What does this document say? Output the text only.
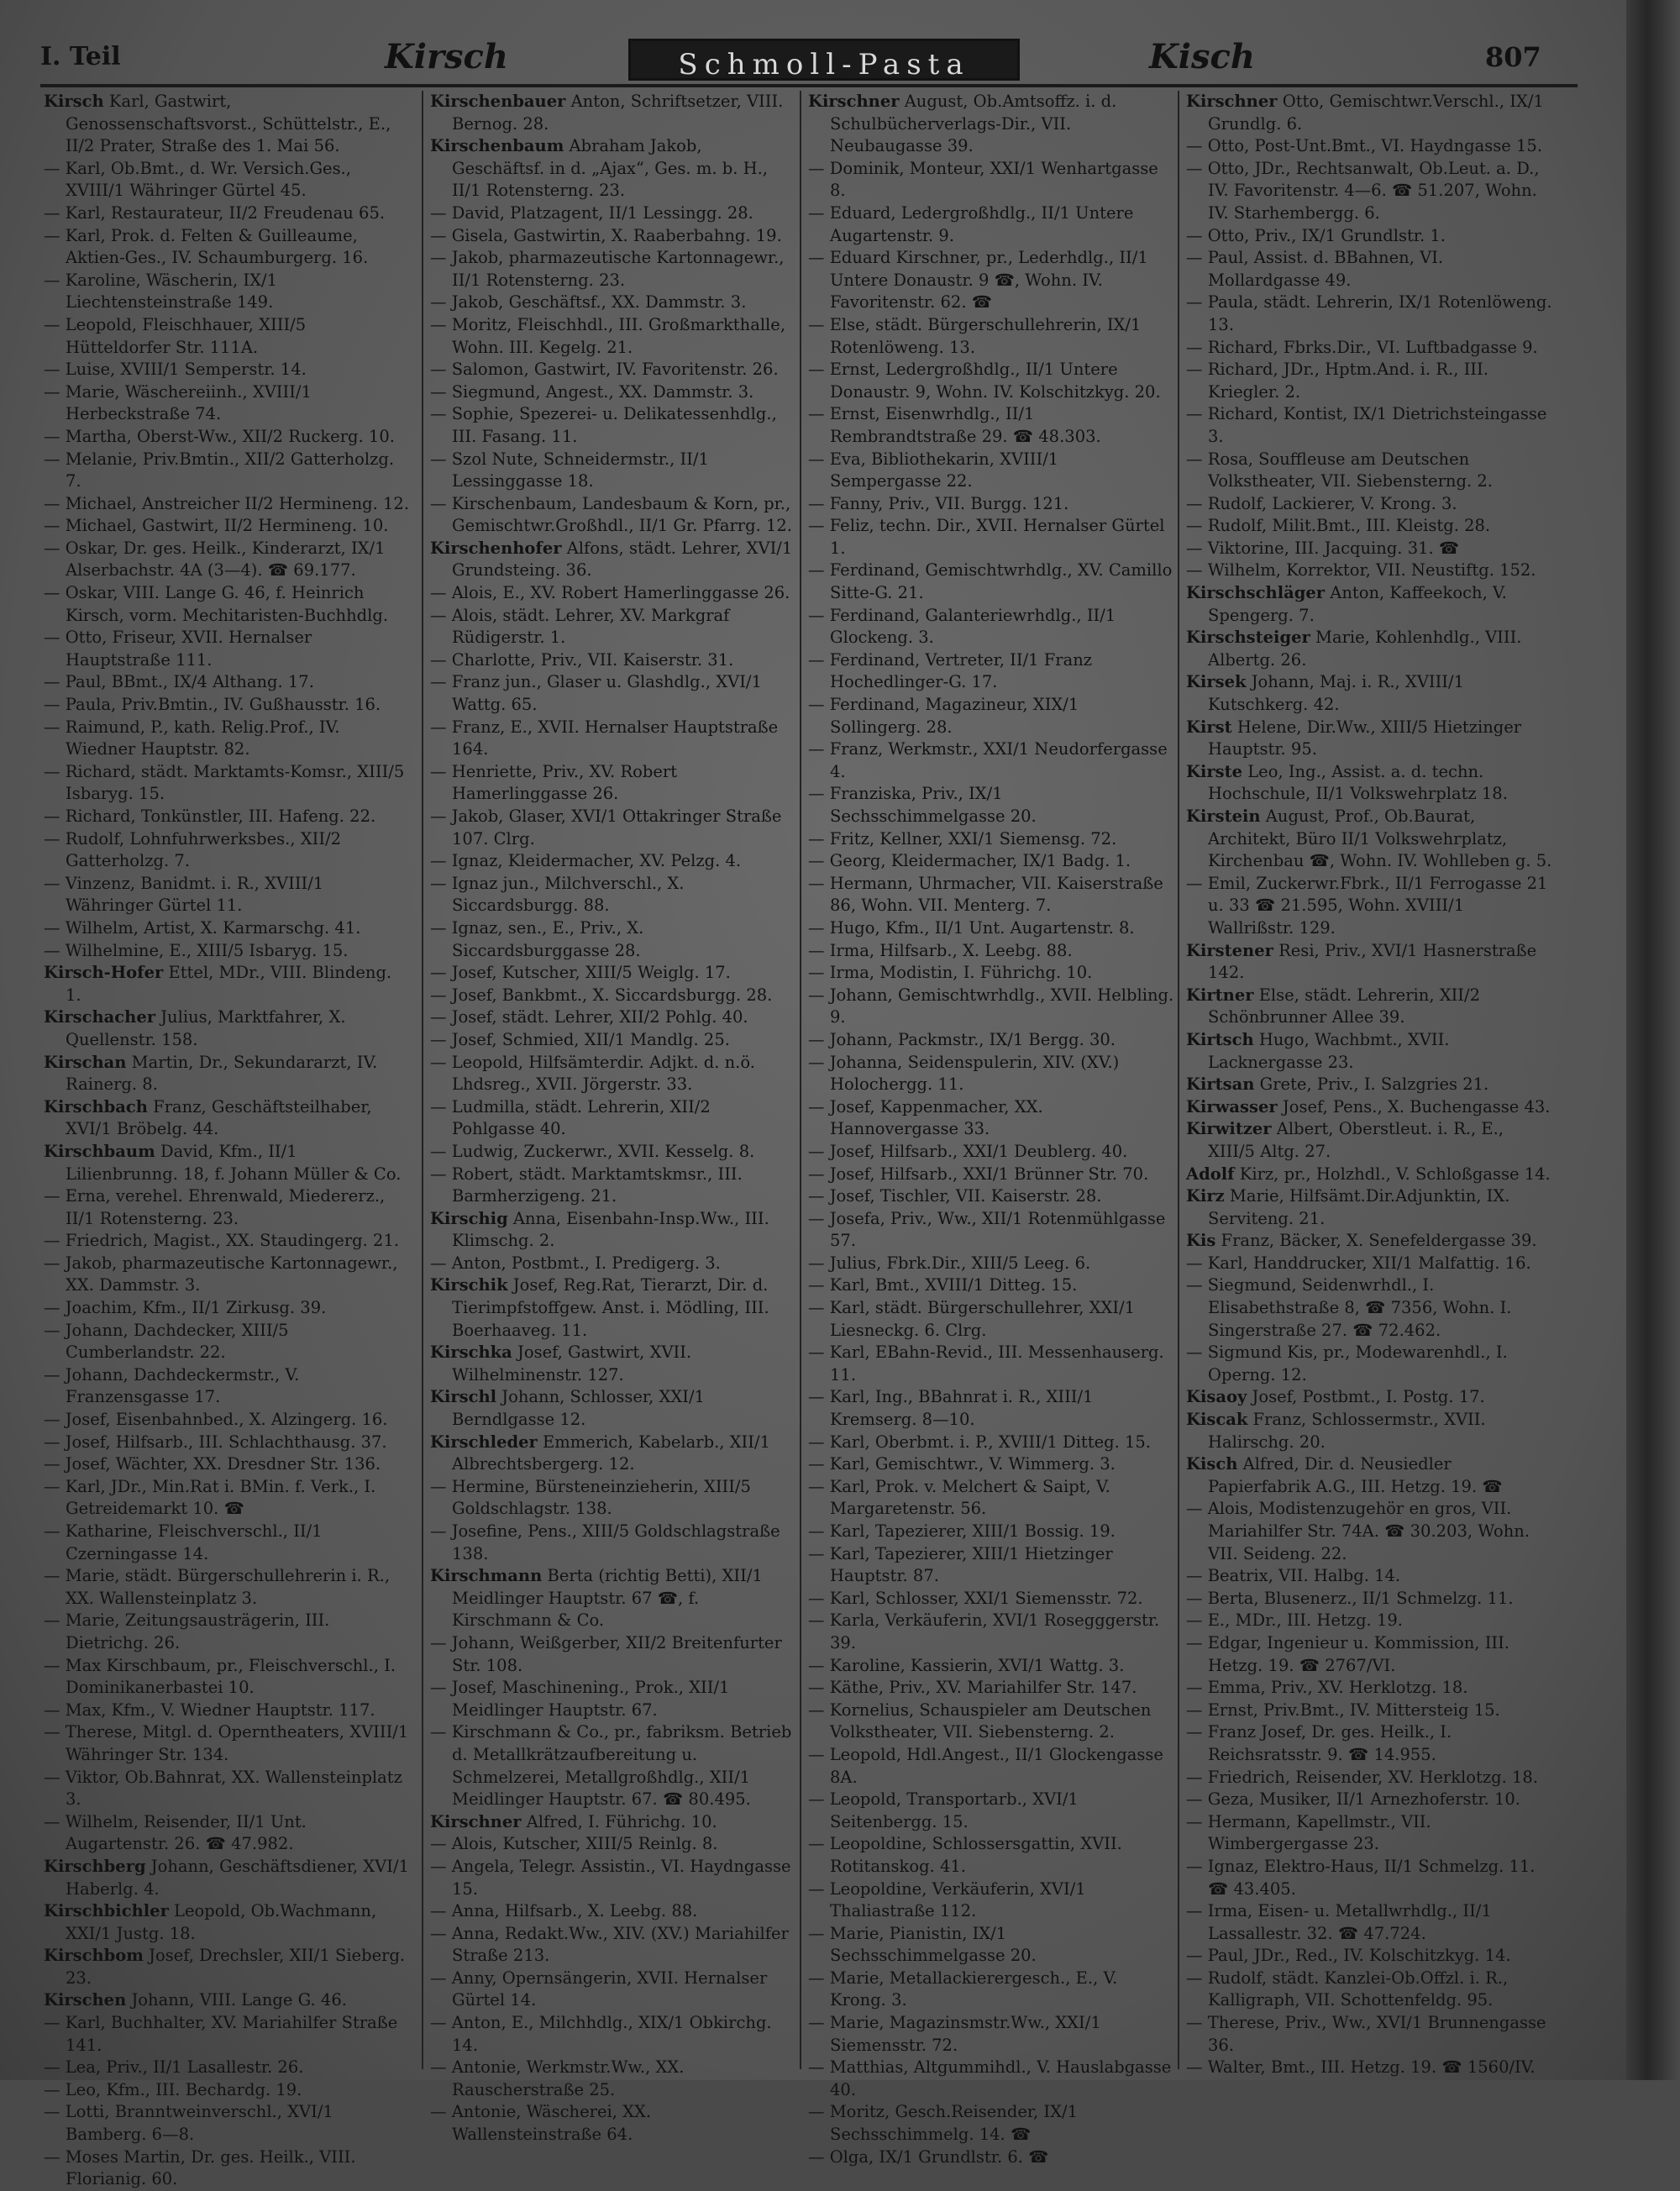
I. Teil	Kirsch	Schmoll-Pasta	Kisch	807

Kirsch Karl, Gastwirt, Genossenschaftsvorst., Schüttelstr., E., II/2 Prater, Straße des 1. Mai 56.

— Karl, Ob.Bmt., d. Wr. Versich.Ges., XVIII/1 Währinger Gürtel 45.

— Karl, Restaurateur, II/2 Freudenau 65.

— Karl, Prok. d. Felten & Guilleaume, Aktien-Ges., IV. Schaumburgerg. 16.

— Karoline, Wäscherin, IX/1 Liechtensteinstraße 149.

— Leopold, Fleischhauer, XIII/5 Hütteldorfer Str. 111A.

— Luise, XVIII/1 Semperstr. 14.

— Marie, Wäschereiinh., XVIII/1 Herbeckstraße 74.

— Martha, Oberst-Ww., XII/2 Ruckerg. 10.

— Melanie, Priv.Bmtin., XII/2 Gatterholzg. 7.

— Michael, Anstreicher II/2 Hermineng. 12.

— Michael, Gastwirt, II/2 Hermineng. 10.

— Oskar, Dr. ges. Heilk., Kinderarzt, IX/1 Alserbachstr. 4A (3—4). ☎ 69.177.

— Oskar, VIII. Lange G. 46, f. Heinrich Kirsch, vorm. Mechitaristen-Buchhdlg.

— Otto, Friseur, XVII. Hernalser Hauptstraße 111.

— Paul, BBmt., IX/4 Althang. 17.

— Paula, Priv.Bmtin., IV. Gußhausstr. 16.

— Raimund, P., kath. Relig.Prof., IV. Wiedner Hauptstr. 82.

— Richard, städt. Marktamts-Komsr., XIII/5 Isbaryg. 15.

— Richard, Tonkünstler, III. Hafeng. 22.

— Rudolf, Lohnfuhrwerksbes., XII/2 Gatterholzg. 7.

— Vinzenz, Banidmt. i. R., XVIII/1 Währinger Gürtel 11.

— Wilhelm, Artist, X. Karmarschg. 41.

— Wilhelmine, E., XIII/5 Isbaryg. 15.

Kirsch-Hofer Ettel, MDr., VIII. Blindeng. 1.

Kirschacher Julius, Marktfahrer, X. Quellenstr. 158.

Kirschan Martin, Dr., Sekundararzt, IV. Rainerg. 8.

Kirschbach Franz, Geschäftsteilhaber, XVI/1 Bröbelg. 44.

Kirschbaum David, Kfm., II/1 Lilienbrunng. 18, f. Johann Müller & Co.

— Erna, verehel. Ehrenwald, Miedererz., II/1 Rotensterng. 23.

— Friedrich, Magist., XX. Staudingerg. 21.

— Jakob, pharmazeutische Kartonnagewr., XX. Dammstr. 3.

— Joachim, Kfm., II/1 Zirkusg. 39.

— Johann, Dachdecker, XIII/5 Cumberlandstr. 22.

— Johann, Dachdeckermstr., V. Franzensgasse 17.

— Josef, Eisenbahnbed., X. Alzingerg. 16.

— Josef, Hilfsarb., III. Schlachthausg. 37.

— Josef, Wächter, XX. Dresdner Str. 136.

— Karl, JDr., Min.Rat i. BMin. f. Verk., I. Getreidemarkt 10. ☎

— Katharine, Fleischverschl., II/1 Czerningasse 14.

— Marie, städt. Bürgerschullehrerin i. R., XX. Wallensteinplatz 3.

— Marie, Zeitungsausträgerin, III. Dietrichg. 26.

— Max Kirschbaum, pr., Fleischverschl., I. Dominikanerbastei 10.

— Max, Kfm., V. Wiedner Hauptstr. 117.

— Therese, Mitgl. d. Operntheaters, XVIII/1 Währinger Str. 134.

— Viktor, Ob.Bahnrat, XX. Wallensteinplatz 3.

— Wilhelm, Reisender, II/1 Unt. Augartenstr. 26. ☎ 47.982.

Kirschberg Johann, Geschäftsdiener, XVI/1 Haberlg. 4.

Kirschbichler Leopold, Ob.Wachmann, XXI/1 Justg. 18.

Kirschbom Josef, Drechsler, XII/1 Sieberg. 23.

Kirschen Johann, VIII. Lange G. 46.

— Karl, Buchhalter, XV. Mariahilfer Straße 141.

— Lea, Priv., II/1 Lasallestr. 26.

— Leo, Kfm., III. Bechardg. 19.

— Lotti, Branntweinverschl., XVI/1 Bamberg. 6—8.

— Moses Martin, Dr. ges. Heilk., VIII. Florianig. 60.

Kirschenbauer Anton, Schriftsetzer, VIII. Bernog. 28.

Kirschenbaum Abraham Jakob, Geschäftsf. in d. „Ajax“, Ges. m. b. H., II/1 Rotensterng. 23.

— David, Platzagent, II/1 Lessingg. 28.

— Gisela, Gastwirtin, X. Raaberbahng. 19.

— Jakob, pharmazeutische Kartonnagewr., II/1 Rotensterng. 23.

— Jakob, Geschäftsf., XX. Dammstr. 3.

— Moritz, Fleischhdl., III. Großmarkthalle, Wohn. III. Kegelg. 21.

— Salomon, Gastwirt, IV. Favoritenstr. 26.

— Siegmund, Angest., XX. Dammstr. 3.

— Sophie, Spezerei- u. Delikatessenhdlg., III. Fasang. 11.

— Szol Nute, Schneidermstr., II/1 Lessinggasse 18.

— Kirschenbaum, Landesbaum & Korn, pr., Gemischtwr.Großhdl., II/1 Gr. Pfarrg. 12.

Kirschenhofer Alfons, städt. Lehrer, XVI/1 Grundsteing. 36.

— Alois, E., XV. Robert Hamerlinggasse 26.

— Alois, städt. Lehrer, XV. Markgraf Rüdigerstr. 1.

— Charlotte, Priv., VII. Kaiserstr. 31.

— Franz jun., Glaser u. Glashdlg., XVI/1 Wattg. 65.

— Franz, E., XVII. Hernalser Hauptstraße 164.

— Henriette, Priv., XV. Robert Hamerlinggasse 26.

— Jakob, Glaser, XVI/1 Ottakringer Straße 107. Clrg.

— Ignaz, Kleidermacher, XV. Pelzg. 4.

— Ignaz jun., Milchverschl., X. Siccardsburgg. 88.

— Ignaz, sen., E., Priv., X. Siccardsburggasse 28.

— Josef, Kutscher, XIII/5 Weiglg. 17.

— Josef, Bankbmt., X. Siccardsburgg. 28.

— Josef, städt. Lehrer, XII/2 Pohlg. 40.

— Josef, Schmied, XII/1 Mandlg. 25.

— Leopold, Hilfsämterdir. Adjkt. d. n.ö. Lhdsreg., XVII. Jörgerstr. 33.

— Ludmilla, städt. Lehrerin, XII/2 Pohlgasse 40.

— Ludwig, Zuckerwr., XVII. Kesselg. 8.

— Robert, städt. Marktamtskmsr., III. Barmherzigeng. 21.

Kirschig Anna, Eisenbahn-Insp.Ww., III. Klimschg. 2.

— Anton, Postbmt., I. Predigerg. 3.

Kirschik Josef, Reg.Rat, Tierarzt, Dir. d. Tierimpfstoffgew. Anst. i. Mödling, III. Boerhaaveg. 11.

Kirschka Josef, Gastwirt, XVII. Wilhelminenstr. 127.

Kirschl Johann, Schlosser, XXI/1 Berndlgasse 12.

Kirschleder Emmerich, Kabelarb., XII/1 Albrechtsbergerg. 12.

— Hermine, Bürsteneinzieherin, XIII/5 Goldschlagstr. 138.

— Josefine, Pens., XIII/5 Goldschlagstraße 138.

Kirschmann Berta (richtig Betti), XII/1 Meidlinger Hauptstr. 67 ☎, f. Kirschmann & Co.

— Johann, Weißgerber, XII/2 Breitenfurter Str. 108.

— Josef, Maschinening., Prok., XII/1 Meidlinger Hauptstr. 67.

— Kirschmann & Co., pr., fabriksm. Betrieb d. Metallkrätzaufbereitung u. Schmelzerei, Metallgroßhdlg., XII/1 Meidlinger Hauptstr. 67. ☎ 80.495.

Kirschner Alfred, I. Führichg. 10.

— Alois, Kutscher, XIII/5 Reinlg. 8.

— Angela, Telegr. Assistin., VI. Haydngasse 15.

— Anna, Hilfsarb., X. Leebg. 88.

— Anna, Redakt.Ww., XIV. (XV.) Mariahilfer Straße 213.

— Anny, Opernsängerin, XVII. Hernalser Gürtel 14.

— Anton, E., Milchhdlg., XIX/1 Obkirchg. 14.

— Antonie, Werkmstr.Ww., XX. Rauscherstraße 25.

— Antonie, Wäscherei, XX. Wallensteinstraße 64.

Kirschner August, Ob.Amtsoffz. i. d. Schulbücherverlags-Dir., VII. Neubaugasse 39.

— Dominik, Monteur, XXI/1 Wenhartgasse 8.

— Eduard, Ledergroßhdlg., II/1 Untere Augartenstr. 9.

— Eduard Kirschner, pr., Lederhdlg., II/1 Untere Donaustr. 9 ☎, Wohn. IV. Favoritenstr. 62. ☎

— Else, städt. Bürgerschullehrerin, IX/1 Rotenlöweng. 13.

— Ernst, Ledergroßhdlg., II/1 Untere Donaustr. 9, Wohn. IV. Kolschitzkyg. 20.

— Ernst, Eisenwrhdlg., II/1 Rembrandtstraße 29. ☎ 48.303.

— Eva, Bibliothekarin, XVIII/1 Sempergasse 22.

— Fanny, Priv., VII. Burgg. 121.

— Feliz, techn. Dir., XVII. Hernalser Gürtel 1.

— Ferdinand, Gemischtwrhdlg., XV. Camillo Sitte-G. 21.

— Ferdinand, Galanteriewrhdlg., II/1 Glockeng. 3.

— Ferdinand, Vertreter, II/1 Franz Hochedlinger-G. 17.

— Ferdinand, Magazineur, XIX/1 Sollingerg. 28.

— Franz, Werkmstr., XXI/1 Neudorfergasse 4.

— Franziska, Priv., IX/1 Sechsschimmelgasse 20.

— Fritz, Kellner, XXI/1 Siemensg. 72.

— Georg, Kleidermacher, IX/1 Badg. 1.

— Hermann, Uhrmacher, VII. Kaiserstraße 86, Wohn. VII. Menterg. 7.

— Hugo, Kfm., II/1 Unt. Augartenstr. 8.

— Irma, Hilfsarb., X. Leebg. 88.

— Irma, Modistin, I. Führichg. 10.

— Johann, Gemischtwrhdlg., XVII. Helbling. 9.

— Johann, Packmstr., IX/1 Bergg. 30.

— Johanna, Seidenspulerin, XIV. (XV.) Holochergg. 11.

— Josef, Kappenmacher, XX. Hannovergasse 33.

— Josef, Hilfsarb., XXI/1 Deublerg. 40.

— Josef, Hilfsarb., XXI/1 Brünner Str. 70.

— Josef, Tischler, VII. Kaiserstr. 28.

— Josefa, Priv., Ww., XII/1 Rotenmühlgasse 57.

— Julius, Fbrk.Dir., XIII/5 Leeg. 6.

— Karl, Bmt., XVIII/1 Ditteg. 15.

— Karl, städt. Bürgerschullehrer, XXI/1 Liesneckg. 6. Clrg.

— Karl, EBahn-Revid., III. Messenhauserg. 11.

— Karl, Ing., BBahnrat i. R., XIII/1 Kremserg. 8—10.

— Karl, Oberbmt. i. P., XVIII/1 Ditteg. 15.

— Karl, Gemischtwr., V. Wimmerg. 3.

— Karl, Prok. v. Melchert & Saipt, V. Margaretenstr. 56.

— Karl, Tapezierer, XIII/1 Bossig. 19.

— Karl, Tapezierer, XIII/1 Hietzinger Hauptstr. 87.

— Karl, Schlosser, XXI/1 Siemensstr. 72.

— Karla, Verkäuferin, XVI/1 Rosegggerstr. 39.

— Karoline, Kassierin, XVI/1 Wattg. 3.

— Käthe, Priv., XV. Mariahilfer Str. 147.

— Kornelius, Schauspieler am Deutschen Volkstheater, VII. Siebensterng. 2.

— Leopold, Hdl.Angest., II/1 Glockengasse 8A.

— Leopold, Transportarb., XVI/1 Seitenbergg. 15.

— Leopoldine, Schlossersgattin, XVII. Rotitanskog. 41.

— Leopoldine, Verkäuferin, XVI/1 Thaliastraße 112.

— Marie, Pianistin, IX/1 Sechsschimmelgasse 20.

— Marie, Metallackierergesch., E., V. Krong. 3.

— Marie, Magazinsmstr.Ww., XXI/1 Siemensstr. 72.

— Matthias, Altgummihdl., V. Hauslabgasse 40.

— Moritz, Gesch.Reisender, IX/1 Sechsschimmelg. 14. ☎

— Olga, IX/1 Grundlstr. 6. ☎

Kirschner Otto, Gemischtwr.Verschl., IX/1 Grundlg. 6.

— Otto, Post-Unt.Bmt., VI. Haydngasse 15.

— Otto, JDr., Rechtsanwalt, Ob.Leut. a. D., IV. Favoritenstr. 4—6. ☎ 51.207, Wohn. IV. Starhembergg. 6.

— Otto, Priv., IX/1 Grundlstr. 1.

— Paul, Assist. d. BBahnen, VI. Mollardgasse 49.

— Paula, städt. Lehrerin, IX/1 Rotenlöweng. 13.

— Richard, Fbrks.Dir., VI. Luftbadgasse 9.

— Richard, JDr., Hptm.And. i. R., III. Kriegler. 2.

— Richard, Kontist, IX/1 Dietrichsteingasse 3.

— Rosa, Souffleuse am Deutschen Volkstheater, VII. Siebensterng. 2.

— Rudolf, Lackierer, V. Krong. 3.

— Rudolf, Milit.Bmt., III. Kleistg. 28.

— Viktorine, III. Jacquing. 31. ☎

— Wilhelm, Korrektor, VII. Neustiftg. 152.

Kirschschläger Anton, Kaffeekoch, V. Spengerg. 7.

Kirschsteiger Marie, Kohlenhdlg., VIII. Albertg. 26.

Kirsek Johann, Maj. i. R., XVIII/1 Kutschkerg. 42.

Kirst Helene, Dir.Ww., XIII/5 Hietzinger Hauptstr. 95.

Kirste Leo, Ing., Assist. a. d. techn. Hochschule, II/1 Volkswehrplatz 18.

Kirstein August, Prof., Ob.Baurat, Architekt, Büro II/1 Volkswehrplatz, Kirchenbau ☎, Wohn. IV. Wohlleben g. 5.

— Emil, Zuckerwr.Fbrk., II/1 Ferrogasse 21 u. 33 ☎ 21.595, Wohn. XVIII/1 Wallrißstr. 129.

Kirstener Resi, Priv., XVI/1 Hasnerstraße 142.

Kirtner Else, städt. Lehrerin, XII/2 Schönbrunner Allee 39.

Kirtsch Hugo, Wachbmt., XVII. Lacknergasse 23.

Kirtsan Grete, Priv., I. Salzgries 21.

Kirwasser Josef, Pens., X. Buchengasse 43.

Kirwitzer Albert, Oberstleut. i. R., E., XIII/5 Altg. 27.

Adolf Kirz, pr., Holzhdl., V. Schloßgasse 14.

Kirz Marie, Hilfsämt.Dir.Adjunktin, IX. Serviteng. 21.

Kis Franz, Bäcker, X. Senefeldergasse 39.

— Karl, Handdrucker, XII/1 Malfattig. 16.

— Siegmund, Seidenwrhdl., I. Elisabethstraße 8, ☎ 7356, Wohn. I. Singerstraße 27. ☎ 72.462.

— Sigmund Kis, pr., Modewarenhdl., I. Operng. 12.

Kisaoy Josef, Postbmt., I. Postg. 17.

Kiscak Franz, Schlossermstr., XVII. Halirschg. 20.

Kisch Alfred, Dir. d. Neusiedler Papierfabrik A.G., III. Hetzg. 19. ☎

— Alois, Modistenzugehör en gros, VII. Mariahilfer Str. 74A. ☎ 30.203, Wohn. VII. Seideng. 22.

— Beatrix, VII. Halbg. 14.

— Berta, Blusenerz., II/1 Schmelzg. 11.

— E., MDr., III. Hetzg. 19.

— Edgar, Ingenieur u. Kommission, III. Hetzg. 19. ☎ 2767/VI.

— Emma, Priv., XV. Herklotzg. 18.

— Ernst, Priv.Bmt., IV. Mittersteig 15.

— Franz Josef, Dr. ges. Heilk., I. Reichsratsstr. 9. ☎ 14.955.

— Friedrich, Reisender, XV. Herklotzg. 18.

— Geza, Musiker, II/1 Arnezhoferstr. 10.

— Hermann, Kapellmstr., VII. Wimbergergasse 23.

— Ignaz, Elektro-Haus, II/1 Schmelzg. 11. ☎ 43.405.

— Irma, Eisen- u. Metallwrhdlg., II/1 Lassallestr. 32. ☎ 47.724.

— Paul, JDr., Red., IV. Kolschitzkyg. 14.

— Rudolf, städt. Kanzlei-Ob.Offzl. i. R., Kalligraph, VII. Schottenfeldg. 95.

— Therese, Priv., Ww., XVI/1 Brunnengasse 36.

— Walter, Bmt., III. Hetzg. 19. ☎ 1560/IV.
